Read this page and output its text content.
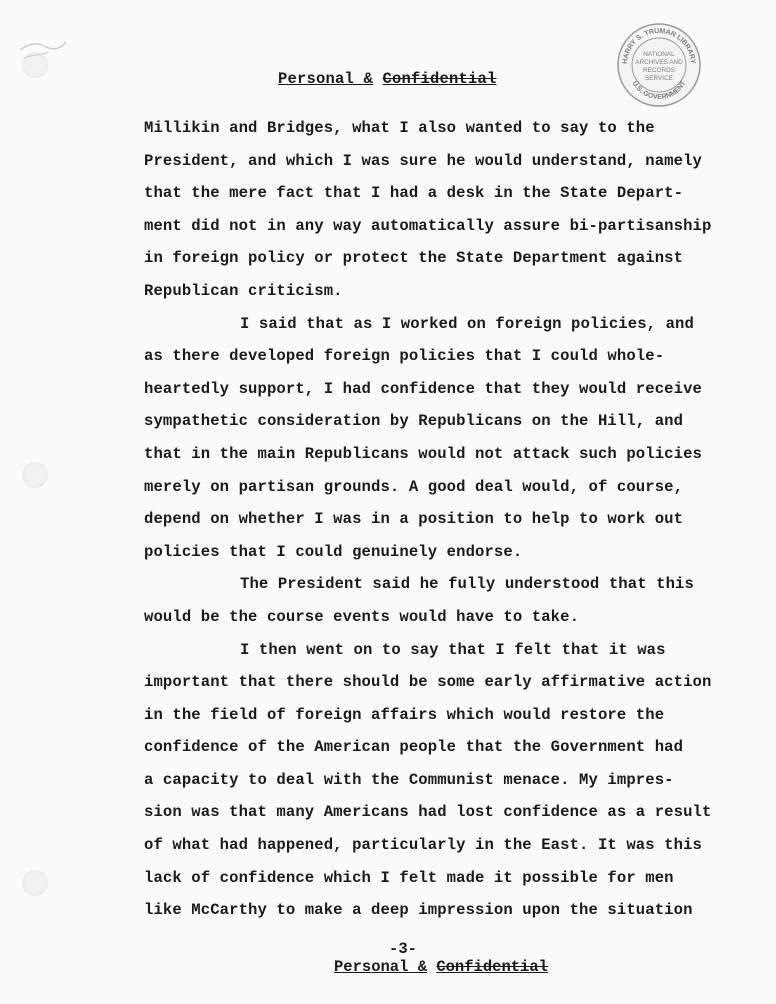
Personal & Confidential
HARRY S. TRUMAN LIBRARY
U.S. GOVERNMENT
NATIONAL
ARCHIVES AND
RECORDS
SERVICE

Millikin and Bridges, what I also wanted to say to the

President, and which I was sure he would understand, namely

that the mere fact that I had a desk in the State Depart-

ment did not in any way automatically assure bi-partisanship

in foreign policy or protect the State Department against

Republican criticism.

I said that as I worked on foreign policies, and

as there developed foreign policies that I could whole-

heartedly support, I had confidence that they would receive

sympathetic consideration by Republicans on the Hill, and

that in the main Republicans would not attack such policies

merely on partisan grounds. A good deal would, of course,

depend on whether I was in a position to help to work out

policies that I could genuinely endorse.

The President said he fully understood that this

would be the course events would have to take.

I then went on to say that I felt that it was

important that there should be some early affirmative action

in the field of foreign affairs which would restore the

confidence of the American people that the Government had

a capacity to deal with the Communist menace. My impres-

sion was that many Americans had lost confidence as a result

of what had happened, particularly in the East. It was this

lack of confidence which I felt made it possible for men

like McCarthy to make a deep impression upon the situation

-3-
Personal & Confidential
